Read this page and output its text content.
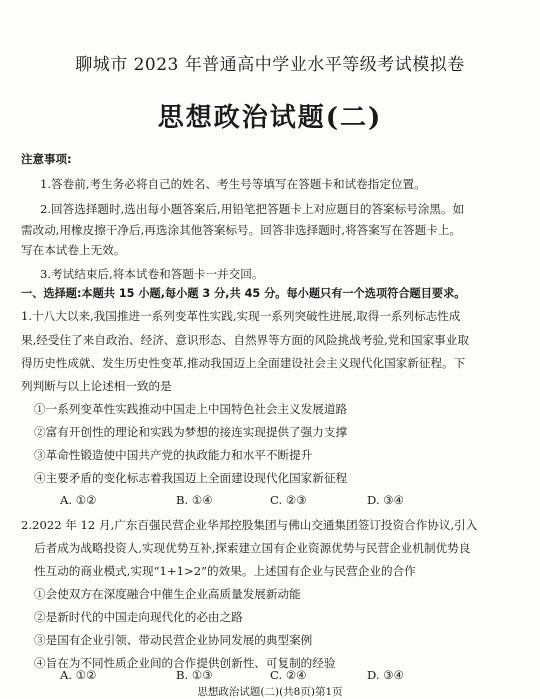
聊城市 2023 年普通高中学业水平等级考试模拟卷
思想政治试题(二)
注意事项:
1.答卷前,考生务必将自己的姓名、考生号等填写在答题卡和试卷指定位置。
2.回答选择题时,选出每小题答案后,用铅笔把答题卡上对应题目的答案标号涂黑。如
需改动,用橡皮擦干净后,再选涂其他答案标号。回答非选择题时,将答案写在答题卡上。
写在本试卷上无效。
3.考试结束后,将本试卷和答题卡一并交回。
一、选择题:本题共 15 小题,每小题 3 分,共 45 分。每小题只有一个选项符合题目要求。
1.十八大以来,我国推进一系列变革性实践,实现一系列突破性进展,取得一系列标志性成
果,经受住了来自政治、经济、意识形态、自然界等方面的风险挑战考验,党和国家事业取
得历史性成就、发生历史性变革,推动我国迈上全面建设社会主义现代化国家新征程。下
列判断与以上论述相一致的是
①一系列变革性实践推动中国走上中国特色社会主义发展道路
②富有开创性的理论和实践为梦想的接连实现提供了强力支撑
③革命性锻造使中国共产党的执政能力和水平不断提升
④主要矛盾的变化标志着我国迈上全面建设现代化国家新征程
A. ①②	B. ①④	C. ②③	D. ③④
2.2022 年 12 月,广东百强民营企业华邦控股集团与佛山交通集团签订投资合作协议,引入
后者成为战略投资人,实现优势互补,探索建立国有企业资源优势与民营企业机制优势良
性互动的商业模式,实现“1+1>2”的效果。上述国有企业与民营企业的合作
①会使双方在深度融合中催生企业高质量发展新动能
②是新时代的中国走向现代化的必由之路
③是国有企业引领、带动民营企业协同发展的典型案例
④旨在为不同性质企业间的合作提供创新性、可复制的经验
A. ①②	B. ①③	C. ②④	D. ③④
思想政治试题(二)(共8页)第1页
